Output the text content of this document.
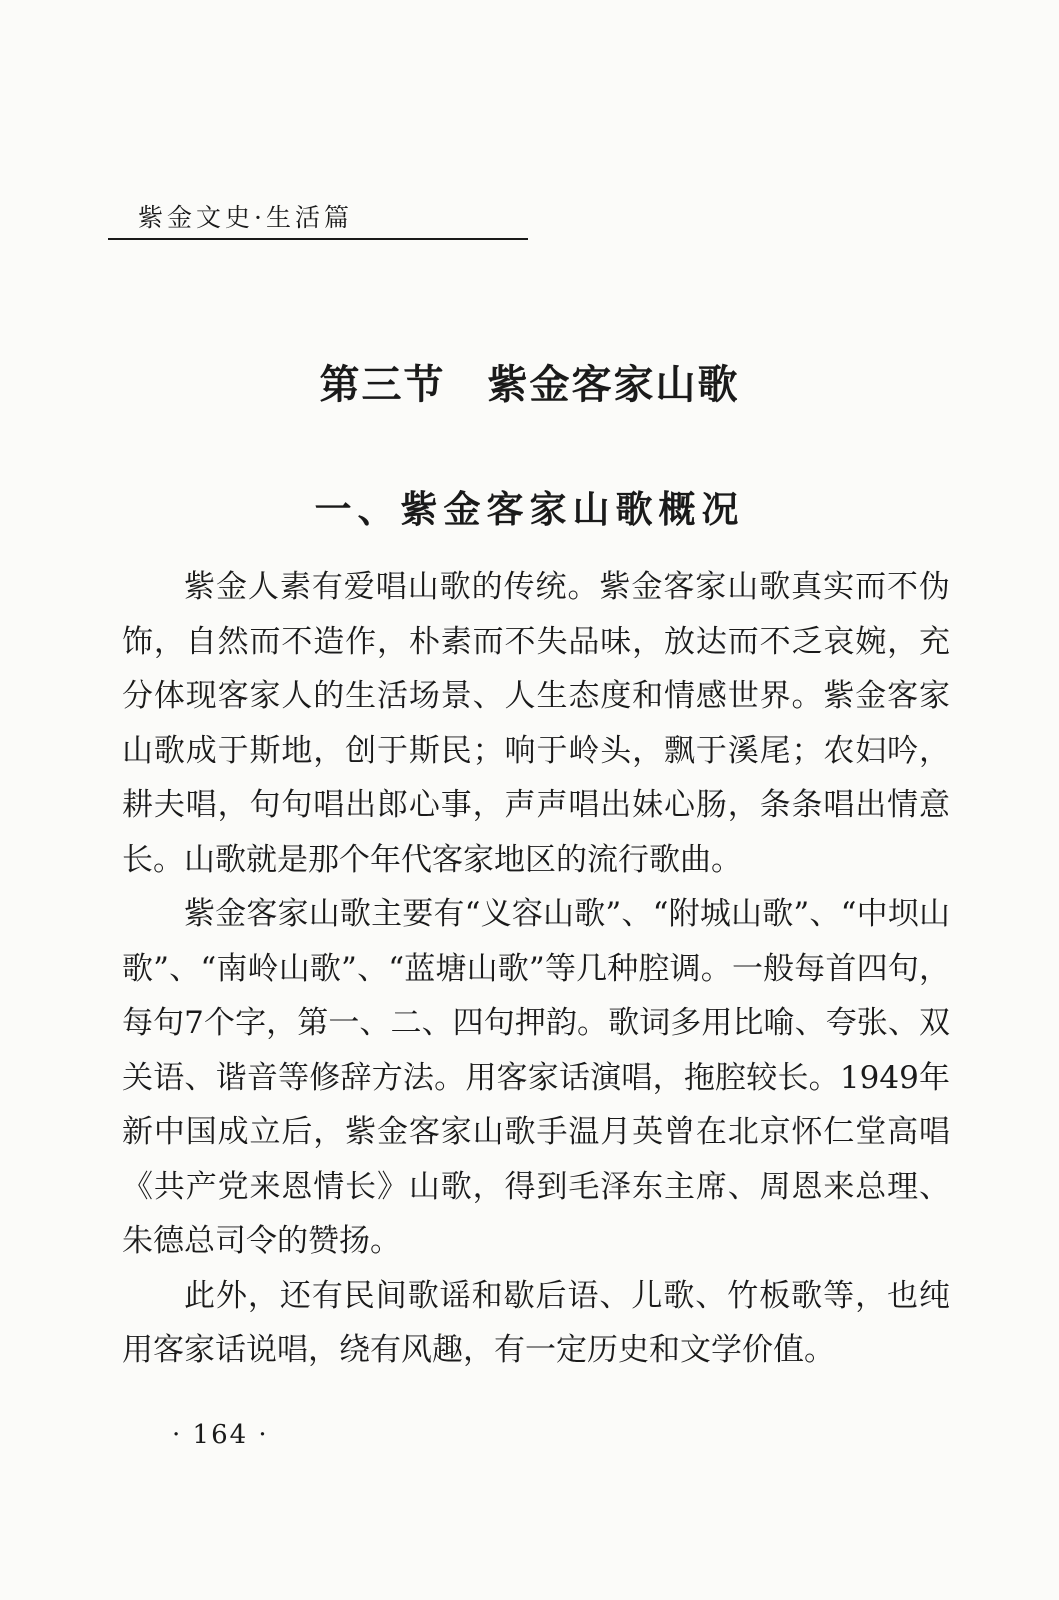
紫金文史·生活篇
第三节　紫金客家山歌
一、紫金客家山歌概况

紫金人素有爱唱山歌的传统。紫金客家山歌真实而不伪饰，自然而不造作，朴素而不失品味，放达而不乏哀婉，充分体现客家人的生活场景、人生态度和情感世界。紫金客家山歌成于斯地，创于斯民；响于岭头，飘于溪尾；农妇吟，耕夫唱，句句唱出郎心事，声声唱出妹心肠，条条唱出情意长。山歌就是那个年代客家地区的流行歌曲。

紫金客家山歌主要有“义容山歌”、“附城山歌”、“中坝山歌”、“南岭山歌”、“蓝塘山歌”等几种腔调。一般每首四句，每句7个字，第一、二、四句押韵。歌词多用比喻、夸张、双关语、谐音等修辞方法。用客家话演唱，拖腔较长。1949年新中国成立后，紫金客家山歌手温月英曾在北京怀仁堂高唱《共产党来恩情长》山歌，得到毛泽东主席、周恩来总理、朱德总司令的赞扬。

此外，还有民间歌谣和歇后语、儿歌、竹板歌等，也纯用客家话说唱，绕有风趣，有一定历史和文学价值。

· 164 ·
